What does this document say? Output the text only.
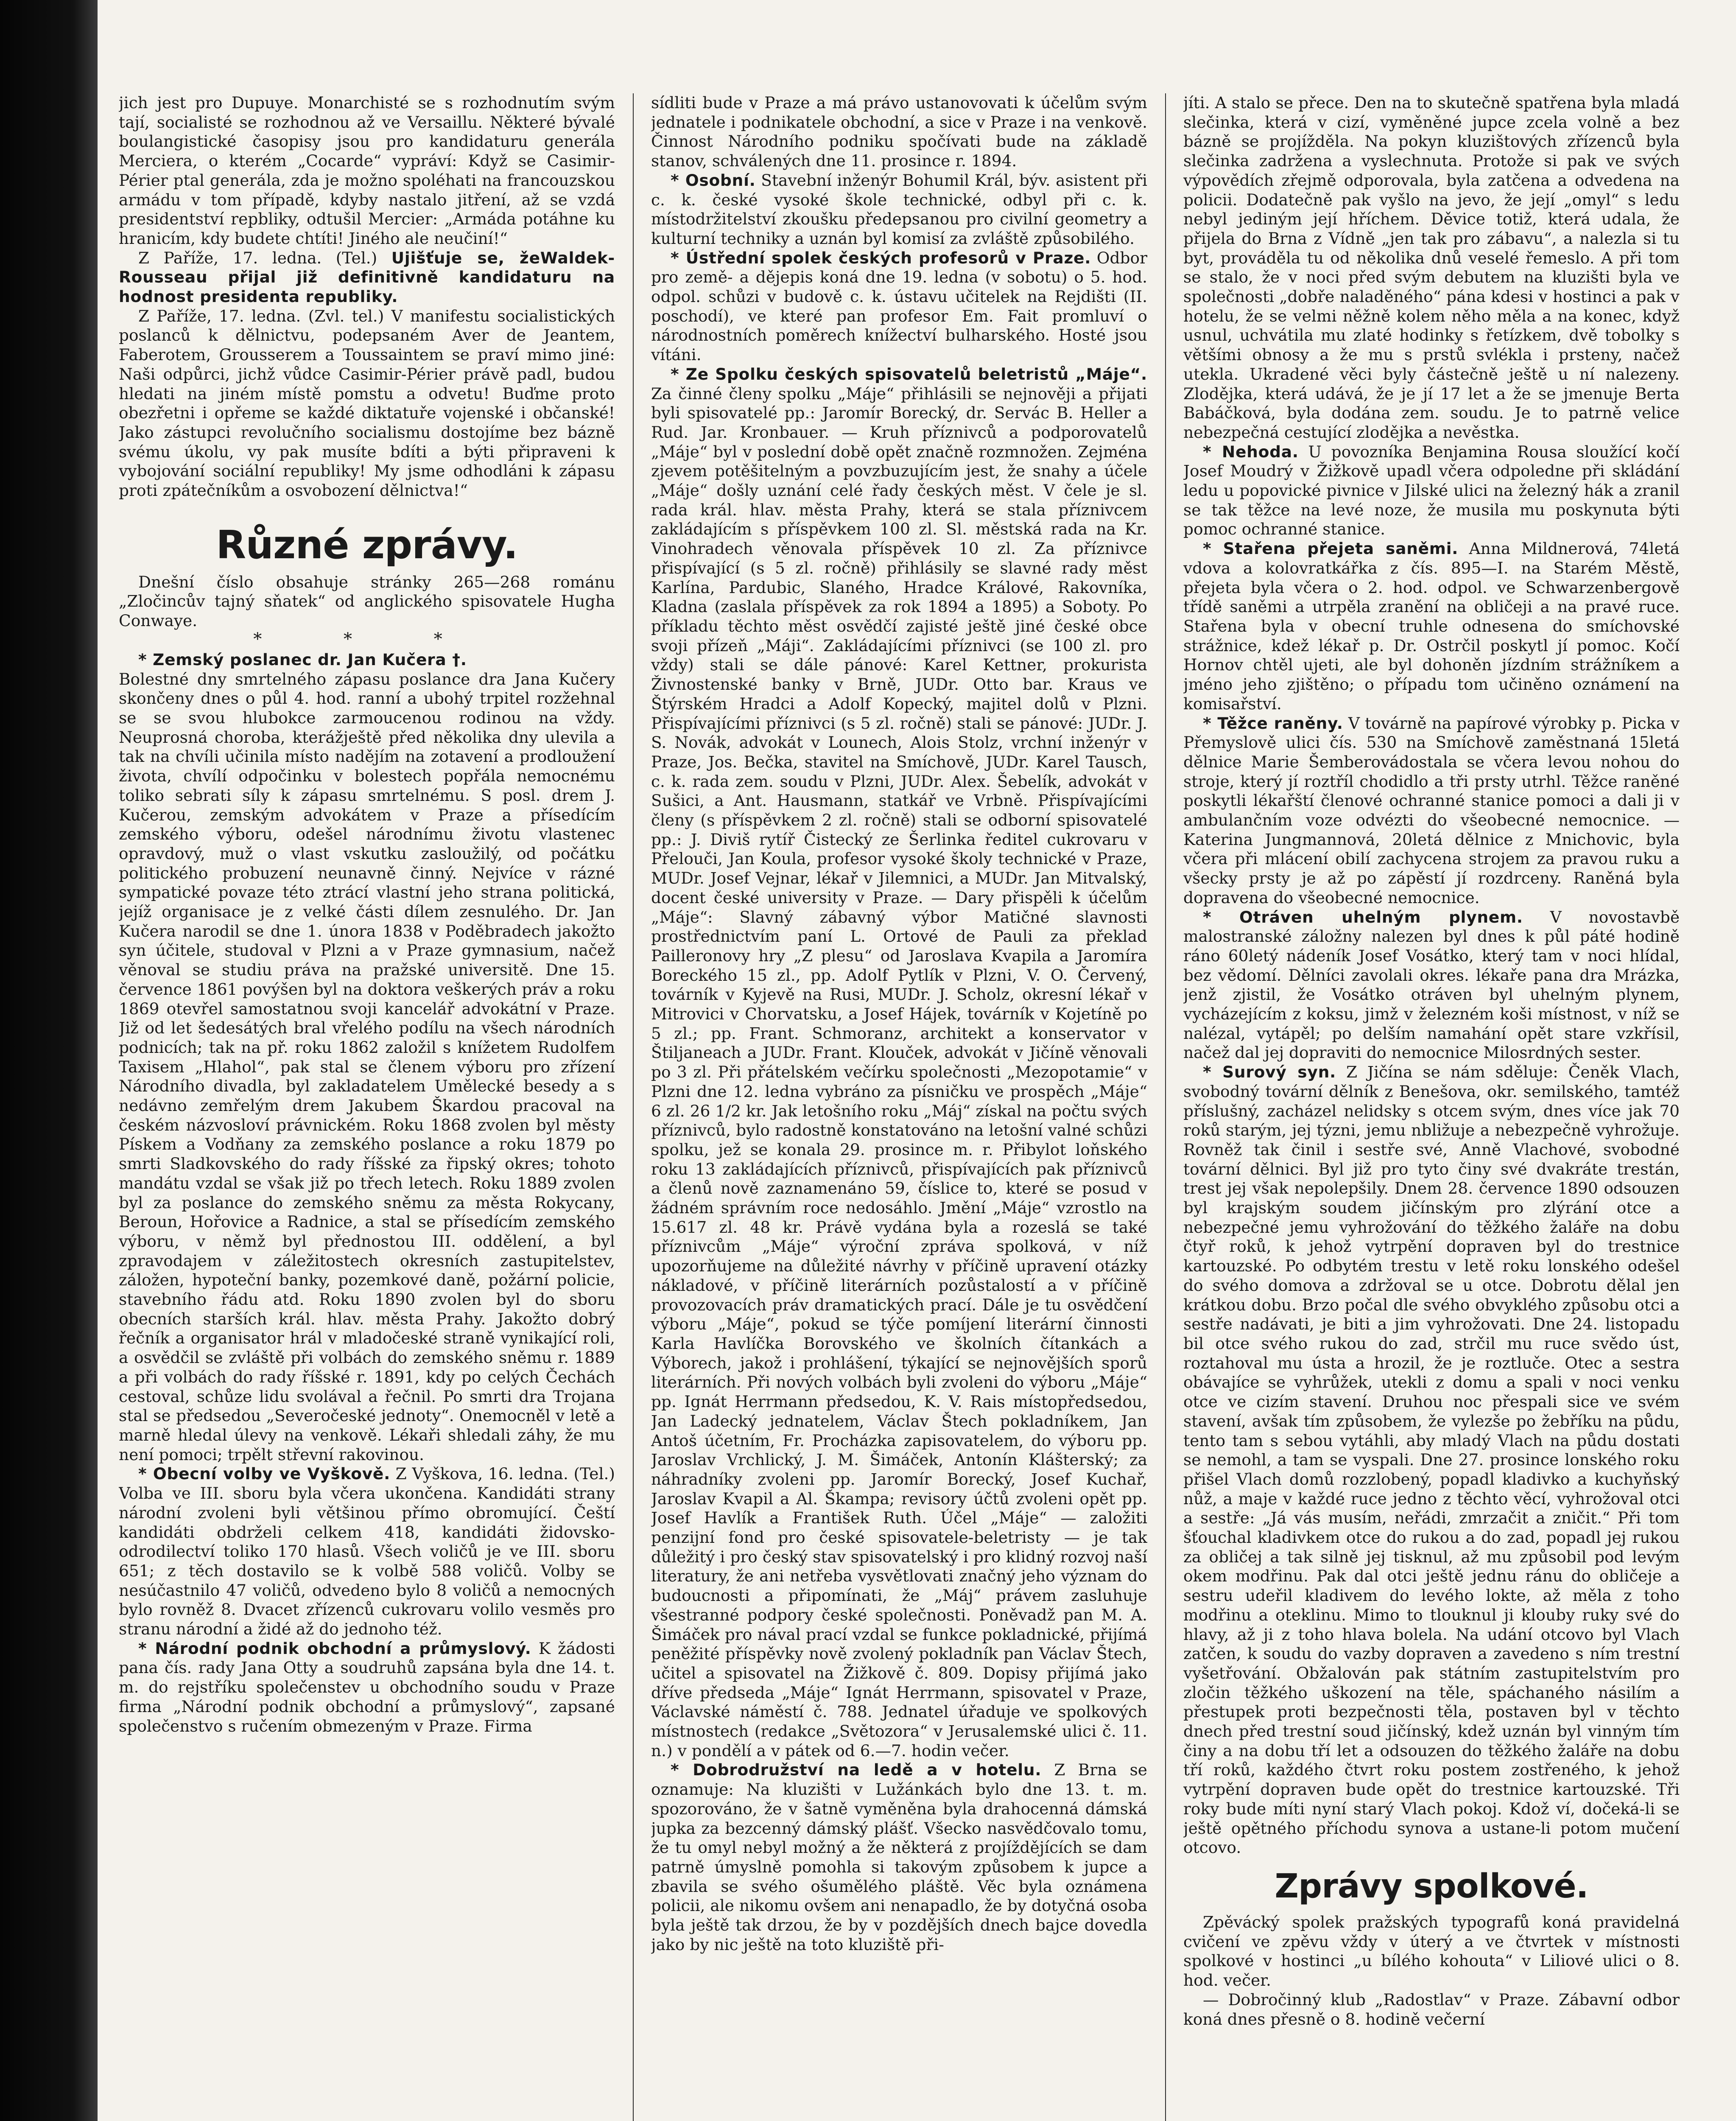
jich jest pro Dupuye. Monarchisté se s rozhodnutím svým tají, socialisté se rozhodnou až ve Versaillu. Některé bývalé boulangistické časopisy jsou pro kandidaturu generála Merciera, o kterém „Cocarde“ vypráví: Když se Casimir-Périer ptal generála, zda je možno spoléhati na francouzskou armádu v tom případě, kdyby nastalo jitření, až se vzdá presidentství repbliky, odtušil Mercier: „Armáda potáhne ku hranicím, kdy budete chtíti! Jiného ale neučiní!“

Z Paříže, 17. ledna. (Tel.) Ujišťuje se, žeWaldek-Rousseau přijal již definitivně kandidaturu na hodnost presidenta republiky.

Z Paříže, 17. ledna. (Zvl. tel.) V manifestu socialistických poslanců k dělnictvu, podepsaném Aver de Jeantem, Faberotem, Grousserem a Toussaintem se praví mimo jiné: Naši odpůrci, jichž vůdce Casimir-Périer právě padl, budou hledati na jiném místě pomstu a odvetu! Buďme proto obezřetni i opřeme se každé diktatuře vojenské i občanské! Jako zástupci revolučního socialismu dostojíme bez bázně svému úkolu, vy pak musíte bdíti a býti připraveni k vybojování sociální republiky! My jsme odhodláni k zápasu proti zpátečníkům a osvobození dělnictva!“

Různé zprávy.

Dnešní číslo obsahuje stránky 265—268 románu „Zločincův tajný sňatek“ od anglického spisovatele Hugha Conwaye.

* * *

* Zemský poslanec dr. Jan Kučera †.

Bolestné dny smrtelného zápasu poslance dra Jana Kučery skončeny dnes o půl 4. hod. ranní a ubohý trpitel rozžehnal se se svou hlubokce zarmoucenou rodinou na vždy. Neuprosná choroba, kterážještě před několika dny ulevila a tak na chvíli učinila místo nadějím na zotavení a prodloužení života, chvílí odpočinku v bolestech popřála nemocnému toliko sebrati síly k zápasu smrtelnému. S posl. drem J. Kučerou, zemským advokátem v Praze a přísedícím zemského výboru, odešel národnímu životu vlastenec opravdový, muž o vlast vskutku zasloužilý, od počátku politického probuzení neunavně činný. Nejvíce v rázné sympatické povaze této ztrácí vlastní jeho strana politická, jejíž organisace je z velké části dílem zesnulého. Dr. Jan Kučera narodil se dne 1. února 1838 v Poděbradech jakožto syn účitele, studoval v Plzni a v Praze gymnasium, načež věnoval se studiu práva na pražské universitě. Dne 15. července 1861 povýšen byl na doktora veškerých práv a roku 1869 otevřel samostatnou svoji kancelář advokátní v Praze. Již od let šedesátých bral vřelého podílu na všech národních podnicích; tak na př. roku 1862 založil s knížetem Rudolfem Taxisem „Hlahol“, pak stal se členem výboru pro zřízení Národního divadla, byl zakladatelem Umělecké besedy a s nedávno zemřelým drem Jakubem Škardou pracoval na českém názvosloví právnickém. Roku 1868 zvolen byl městy Pískem a Vodňany za zemského poslance a roku 1879 po smrti Sladkovského do rady říšské za řipský okres; tohoto mandátu vzdal se však již po třech letech. Roku 1889 zvolen byl za poslance do zemského sněmu za města Rokycany, Beroun, Hořovice a Radnice, a stal se přísedícím zemského výboru, v němž byl přednostou III. oddělení, a byl zpravodajem v záležitostech okresních zastupitelstev, záložen, hypoteční banky, pozemkové daně, požární policie, stavebního řádu atd. Roku 1890 zvolen byl do sboru obecních starších král. hlav. města Prahy. Jakožto dobrý řečník a organisator hrál v mladočeské straně vynikající roli, a osvědčil se zvláště při volbách do zemského sněmu r. 1889 a při volbách do rady říšské r. 1891, kdy po celých Čechách cestoval, schůze lidu svolával a řečnil. Po smrti dra Trojana stal se předsedou „Severočeské jednoty“. Onemocněl v letě a marně hledal úlevy na venkově. Lékaři shledali záhy, že mu není pomoci; trpělt střevní rakovinou.

* Obecní volby ve Vyškově. Z Vyškova, 16. ledna. (Tel.) Volba ve III. sboru byla včera ukončena. Kandidáti strany národní zvoleni byli většinou přímo obromující. Čeští kandidáti obdrželi celkem 418, kandidáti židovsko-odrodilectví toliko 170 hlasů. Všech voličů je ve III. sboru 651; z těch dostavilo se k volbě 588 voličů. Volby se nesúčastnilo 47 voličů, odvedeno bylo 8 voličů a nemocných bylo rovněž 8. Dvacet zřízenců cukrovaru volilo vesměs pro stranu národní a židé až do jednoho též.

* Národní podnik obchodní a průmyslový. K žádosti pana čís. rady Jana Otty a soudruhů zapsána byla dne 14. t. m. do rejstříku společenstev u obchodního soudu v Praze firma „Národní podnik obchodní a průmyslový“, zapsané společenstvo s ručením obmezeným v Praze. Firma

sídliti bude v Praze a má právo ustanovovati k účelům svým jednatele i podnikatele obchodní, a sice v Praze i na venkově. Činnost Národního podniku spočívati bude na základě stanov, schválených dne 11. prosince r. 1894.

* Osobní. Stavební inženýr Bohumil Král, býv. asistent při c. k. české vysoké škole technické, odbyl při c. k. místodržitelství zkoušku předepsanou pro civilní geometry a kulturní techniky a uznán byl komisí za zvláště způsobilého.

* Ústřední spolek českých profesorů v Praze. Odbor pro země- a dějepis koná dne 19. ledna (v sobotu) o 5. hod. odpol. schůzi v budově c. k. ústavu učitelek na Rejdišti (II. poschodí), ve které pan profesor Em. Fait promluví o národnostních poměrech knížectví bulharského. Hosté jsou vítáni.

* Ze Spolku českých spisovatelů beletristů „Máje“. Za činné členy spolku „Máje“ přihlásili se nejnověji a přijati byli spisovatelé pp.: Jaromír Borecký, dr. Servác B. Heller a Rud. Jar. Kronbauer. — Kruh příznivců a podporovatelů „Máje“ byl v poslední době opět značně rozmnožen. Zejména zjevem potěšitelným a povzbuzujícím jest, že snahy a účele „Máje“ došly uznání celé řady českých měst. V čele je sl. rada král. hlav. města Prahy, která se stala příznivcem zakládajícím s příspěvkem 100 zl. Sl. městská rada na Kr. Vinohradech věnovala příspěvek 10 zl. Za příznivce přispívající (s 5 zl. ročně) přihlásily se slavné rady měst Karlína, Pardubic, Slaného, Hradce Králové, Rakovníka, Kladna (zaslala příspěvek za rok 1894 a 1895) a Soboty. Po příkladu těchto měst osvědčí zajisté ještě jiné české obce svoji přízeň „Máji“. Zakládajícími příznivci (se 100 zl. pro vždy) stali se dále pánové: Karel Kettner, prokurista Živnostenské banky v Brně, JUDr. Otto bar. Kraus ve Štýrském Hradci a Adolf Kopecký, majitel dolů v Plzni. Přispívajícími příznivci (s 5 zl. ročně) stali se pánové: JUDr. J. S. Novák, advokát v Lounech, Alois Stolz, vrchní inženýr v Praze, Jos. Bečka, stavitel na Smíchově, JUDr. Karel Tausch, c. k. rada zem. soudu v Plzni, JUDr. Alex. Šebelík, advokát v Sušici, a Ant. Hausmann, statkář ve Vrbně. Přispívajícími členy (s příspěvkem 2 zl. ročně) stali se odborní spisovatelé pp.: J. Diviš rytíř Čistecký ze Šerlinka ředitel cukrovaru v Přelouči, Jan Koula, profesor vysoké školy technické v Praze, MUDr. Josef Vejnar, lékař v Jilemnici, a MUDr. Jan Mitvalský, docent české university v Praze. — Dary přispěli k účelům „Máje“: Slavný zábavný výbor Matičné slavnosti prostřednictvím paní L. Ortové de Pauli za překlad Pailleronovy hry „Z plesu“ od Jaroslava Kvapila a Jaromíra Boreckého 15 zl., pp. Adolf Pytlík v Plzni, V. O. Červený, továrník v Kyjevě na Rusi, MUDr. J. Scholz, okresní lékař v Mitrovici v Chorvatsku, a Josef Hájek, továrník v Kojetíně po 5 zl.; pp. Frant. Schmoranz, architekt a konservator v Štiljaneach a JUDr. Frant. Klouček, advokát v Jičíně věnovali po 3 zl. Při přátelském večírku společnosti „Mezopotamie“ v Plzni dne 12. ledna vybráno za písničku ve prospěch „Máje“ 6 zl. 26 1/2 kr. Jak letošního roku „Máj“ získal na počtu svých příznivců, bylo radostně konstatováno na letošní valné schůzi spolku, jež se konala 29. prosince m. r. Přibylot loňského roku 13 zakládajících příznivců, přispívajících pak příznivců a členů nově zaznamenáno 59, číslice to, které se posud v žádném správním roce nedosáhlo. Jmění „Máje“ vzrostlo na 15.617 zl. 48 kr. Právě vydána byla a rozeslá se také příznivcům „Máje“ výroční zpráva spolková, v níž upozorňujeme na důležité návrhy v příčině upravení otázky nákladové, v příčině literárních pozůstalostí a v příčině provozovacích práv dramatických prací. Dále je tu osvědčení výboru „Máje“, pokud se týče pomíjení literární činnosti Karla Havlíčka Borovského ve školních čítankách a Výborech, jakož i prohlášení, týkající se nejnovějších sporů literárních. Při nových volbách byli zvoleni do výboru „Máje“ pp. Ignát Herrmann předsedou, K. V. Rais místopředsedou, Jan Ladecký jednatelem, Václav Štech pokladníkem, Jan Antoš účetním, Fr. Procházka zapisovatelem, do výboru pp. Jaroslav Vrchlický, J. M. Šimáček, Antonín Klášterský; za náhradníky zvoleni pp. Jaromír Borecký, Josef Kuchař, Jaroslav Kvapil a Al. Škampa; revisory účtů zvoleni opět pp. Josef Havlík a František Ruth. Účel „Máje“ — založiti penzijní fond pro české spisovatele-beletristy — je tak důležitý i pro český stav spisovatelský i pro klidný rozvoj naší literatury, že ani netřeba vysvětlovati značný jeho význam do budoucnosti a připomínati, že „Máj“ právem zasluhuje všestranné podpory české společnosti. Poněvadž pan M. A. Šimáček pro nával prací vzdal se funkce pokladnické, přijímá peněžité příspěvky nově zvolený pokladník pan Václav Štech, učitel a spisovatel na Žižkově č. 809. Dopisy přijímá jako dříve předseda „Máje“ Ignát Herrmann, spisovatel v Praze, Václavské náměstí č. 788. Jednatel úřaduje ve spolkových místnostech (redakce „Světozora“ v Jerusalemské ulici č. 11. n.) v pondělí a v pátek od 6.—7. hodin večer.

* Dobrodružství na ledě a v hotelu. Z Brna se oznamuje: Na kluzišti v Lužánkách bylo dne 13. t. m. spozorováno, že v šatně vyměněna byla drahocenná dámská jupka za bezcenný dámský plášť. Všecko nasvědčovalo tomu, že tu omyl nebyl možný a že některá z projíždějících se dam patrně úmyslně pomohla si takovým způsobem k jupce a zbavila se svého ošumělého pláště. Věc byla oznámena policii, ale nikomu ovšem ani nenapadlo, že by dotyčná osoba byla ještě tak drzou, že by v pozdějších dnech bajce dovedla jako by nic ještě na toto kluziště při-

jíti. A stalo se přece. Den na to skutečně spatřena byla mladá slečinka, která v cizí, vyměněné jupce zcela volně a bez bázně se projížděla. Na pokyn kluzištových zřízenců byla slečinka zadržena a vyslechnuta. Protože si pak ve svých výpovědích zřejmě odporovala, byla zatčena a odvedena na policii. Dodatečně pak vyšlo na jevo, že její „omyl“ s ledu nebyl jediným její hříchem. Děvice totiž, která udala, že přijela do Brna z Vídně „jen tak pro zábavu“, a nalezla si tu byt, prováděla tu od několika dnů veselé řemeslo. A při tom se stalo, že v noci před svým debutem na kluzišti byla ve společnosti „dobře naladěného“ pána kdesi v hostinci a pak v hotelu, že se velmi něžně kolem něho měla a na konec, když usnul, uchvátila mu zlaté hodinky s řetízkem, dvě tobolky s většími obnosy a že mu s prstů svlékla i prsteny, načež utekla. Ukradené věci byly částečně ještě u ní nalezeny. Zlodějka, která udává, že je jí 17 let a že se jmenuje Berta Babáčková, byla dodána zem. soudu. Je to patrně velice nebezpečná cestující zlodějka a nevěstka.

* Nehoda. U povozníka Benjamina Rousa sloužící kočí Josef Moudrý v Žižkově upadl včera odpoledne při skládání ledu u popovické pivnice v Jilské ulici na železný hák a zranil se tak těžce na levé noze, že musila mu poskynuta býti pomoc ochranné stanice.

* Stařena přejeta saněmi. Anna Mildnerová, 74letá vdova a kolovratkářka z čís. 895—I. na Starém Městě, přejeta byla včera o 2. hod. odpol. ve Schwarzenbergově třídě saněmi a utrpěla zranění na obličeji a na pravé ruce. Stařena byla v obecní truhle odnesena do smíchovské strážnice, kdež lékař p. Dr. Ostrčil poskytl jí pomoc. Kočí Hornov chtěl ujeti, ale byl dohoněn jízdním strážníkem a jméno jeho zjištěno; o případu tom učiněno oznámení na komisařství.

* Těžce raněny. V továrně na papírové výrobky p. Picka v Přemyslově ulici čís. 530 na Smíchově zaměstnaná 15letá dělnice Marie Šemberovádostala se včera levou nohou do stroje, který jí roztříl chodidlo a tři prsty utrhl. Těžce raněné poskytli lékařští členové ochranné stanice pomoci a dali ji v ambulančním voze odvézti do všeobecné nemocnice. — Katerina Jungmannová, 20letá dělnice z Mnichovic, byla včera při mlácení obilí zachycena strojem za pravou ruku a všecky prsty je až po zápěstí jí rozdrceny. Raněná byla dopravena do všeobecné nemocnice.

* Otráven uhelným plynem. V novostavbě malostranské záložny nalezen byl dnes k půl páté hodině ráno 60letý nádeník Josef Vosátko, který tam v noci hlídal, bez vědomí. Dělníci zavolali okres. lékaře pana dra Mrázka, jenž zjistil, že Vosátko otráven byl uhelným plynem, vycházejícím z koksu, jimž v železném koši místnost, v níž se nalézal, vytápěl; po delším namahání opět stare vzkřísil, načež dal jej dopraviti do nemocnice Milosrdných sester.

* Surový syn. Z Jičína se nám sděluje: Čeněk Vlach, svobodný tovární dělník z Benešova, okr. semilského, tamtéž příslušný, zacházel nelidsky s otcem svým, dnes více jak 70 roků starým, jej týzni, jemu nbližuje a nebezpečně vyhrožuje. Rovněž tak činil i sestře své, Anně Vlachové, svobodné tovární dělnici. Byl již pro tyto činy své dvakráte trestán, trest jej však nepolepšily. Dnem 28. července 1890 odsouzen byl krajským soudem jičínským pro zlýrání otce a nebezpečné jemu vyhrožování do těžkého žaláře na dobu čtyř roků, k jehož vytrpění dopraven byl do trestnice kartouzské. Po odbytém trestu v letě roku lonského odešel do svého domova a zdržoval se u otce. Dobrotu dělal jen krátkou dobu. Brzo počal dle svého obvyklého způsobu otci a sestře nadávati, je biti a jim vyhrožovati. Dne 24. listopadu bil otce svého rukou do zad, strčil mu ruce svědo úst, roztahoval mu ústa a hrozil, že je roztluče. Otec a sestra obávajíce se vyhrůžek, utekli z domu a spali v noci venku otce ve cizím stavení. Druhou noc přespali sice ve svém stavení, avšak tím způsobem, že vylezše po žebříku na půdu, tento tam s sebou vytáhli, aby mladý Vlach na půdu dostati se nemohl, a tam se vyspali. Dne 27. prosince lonského roku přišel Vlach domů rozzlobený, popadl kladivko a kuchyňský nůž, a maje v každé ruce jedno z těchto věcí, vyhrožoval otci a sestře: „Já vás musím, neřádi, zmrzačit a zničit.“ Při tom šťouchal kladivkem otce do rukou a do zad, popadl jej rukou za obličej a tak silně jej tisknul, až mu způsobil pod levým okem modřinu. Pak dal otci ještě jednu ránu do obličeje a sestru udeřil kladivem do levého lokte, až měla z toho modřinu a oteklinu. Mimo to tlouknul ji klouby ruky své do hlavy, až ji z toho hlava bolela. Na udání otcovo byl Vlach zatčen, k soudu do vazby dopraven a zavedeno s ním trestní vyšetřování. Obžalován pak státním zastupitelstvím pro zločin těžkého uškození na těle, spáchaného násilím a přestupek proti bezpečnosti těla, postaven byl v těchto dnech před trestní soud jičínský, kdež uznán byl vinným tím činy a na dobu tří let a odsouzen do těžkého žaláře na dobu tří roků, každého čtvrt roku postem zostřeného, k jehož vytrpění dopraven bude opět do trestnice kartouzské. Tři roky bude míti nyní starý Vlach pokoj. Kdož ví, dočeká-li se ještě opětného příchodu synova a ustane-li potom mučení otcovo.

Zprávy spolkové.

Zpěvácký spolek pražských typografů koná pravidelná cvičení ve zpěvu vždy v úterý a ve čtvrtek v místnosti spolkové v hostinci „u bílého kohouta“ v Liliové ulici o 8. hod. večer.

— Dobročinný klub „Radostlav“ v Praze. Zábavní odbor koná dnes přesně o 8. hodině večerní
